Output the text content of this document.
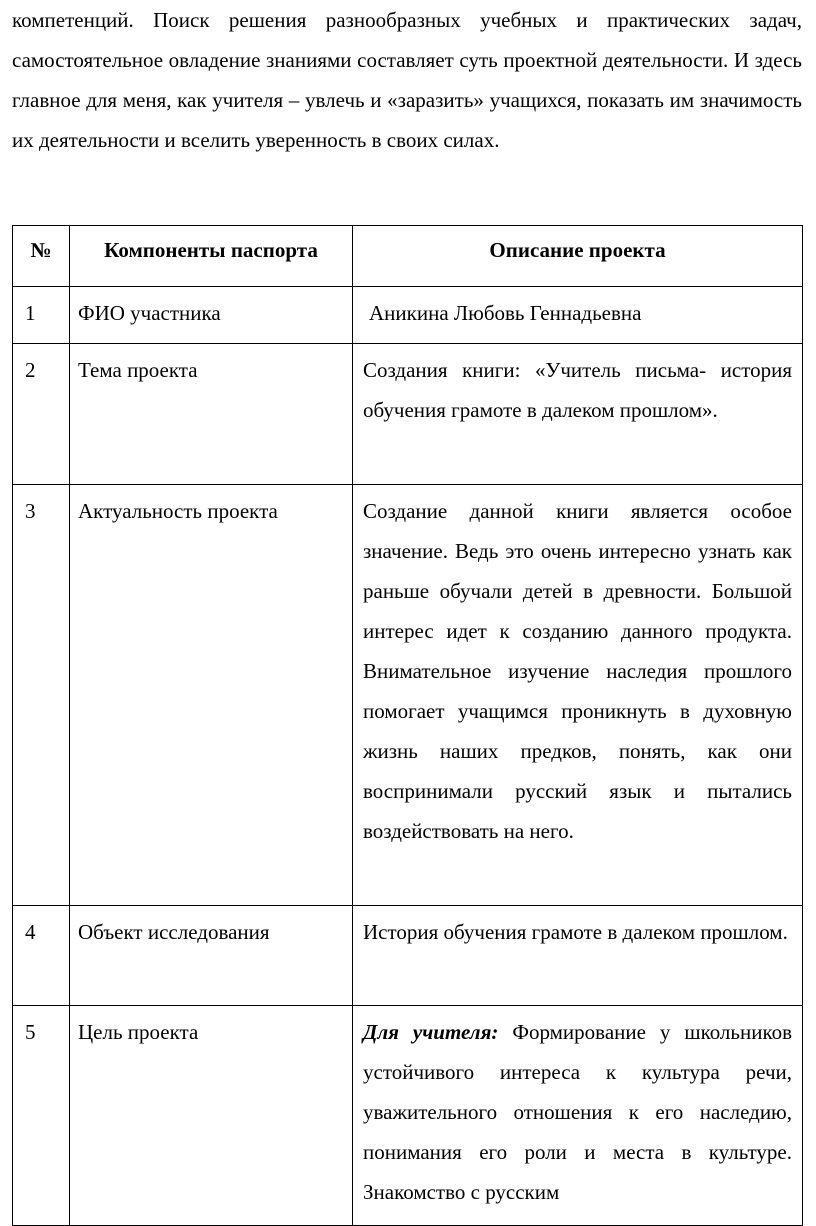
компетенций. Поиск решения разнообразных учебных и практических задач, самостоятельное овладение знаниями составляет суть проектной деятельности. И здесь главное для меня, как учителя – увлечь и «заразить» учащихся, показать им значимость их деятельности и вселить уверенность в своих силах.

№	Компоненты паспорта	Описание проекта

1	ФИО участника	Аникина Любовь Геннадьевна

2	Тема проекта	Создания книги: «Учитель письма- история обучения грамоте в далеком прошлом».

3	Актуальность проекта	Создание данной книги является особое значение. Ведь это очень интересно узнать как раньше обучали детей в древности. Большой интерес идет к созданию данного продукта. Внимательное изучение наследия прошлого помогает учащимся проникнуть в духовную жизнь наших предков, понять, как они воспринимали русский язык и пытались воздействовать на него.

4	Объект исследования	История обучения грамоте в далеком прошлом.

5	Цель проекта	Для учителя: Формирование у школьников устойчивого интереса к культура речи, уважительного отношения к его наследию, понимания его роли и места в культуре. Знакомство с русским
